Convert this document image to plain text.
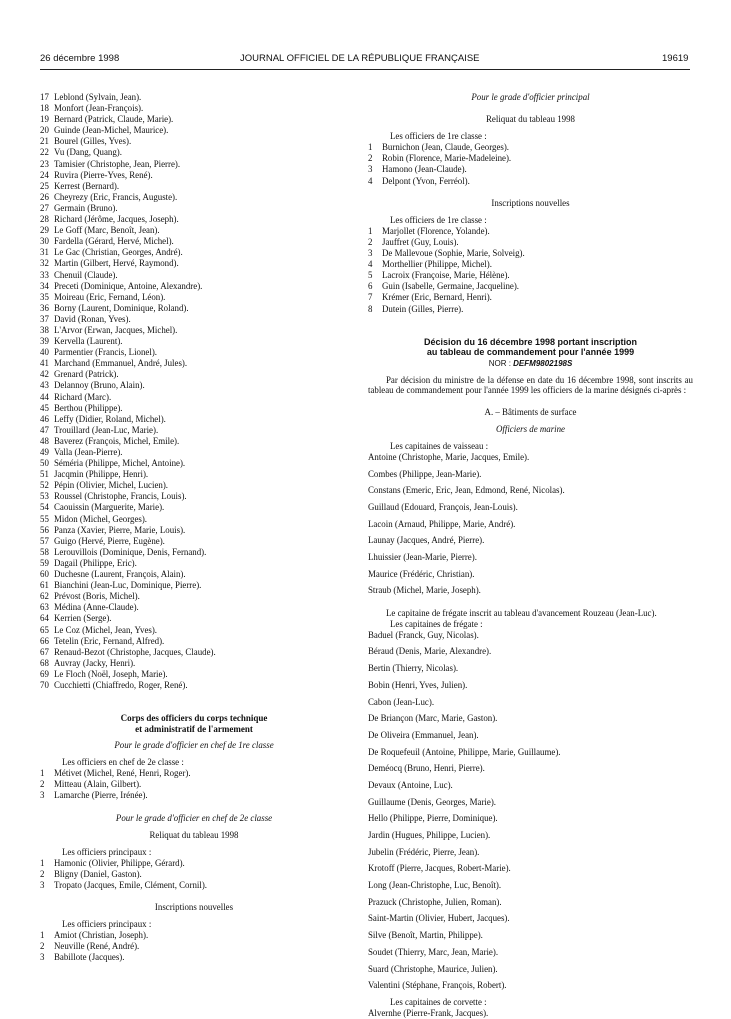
26 décembre 1998	JOURNAL OFFICIEL DE LA RÉPUBLIQUE FRANÇAISE	19619
17 Leblond (Sylvain, Jean).
18 Monfort (Jean-François).
19 Bernard (Patrick, Claude, Marie).
20 Guinde (Jean-Michel, Maurice).
21 Bourel (Gilles, Yves).
22 Vu (Dang, Quang).
23 Tamisier (Christophe, Jean, Pierre).
24 Ruvira (Pierre-Yves, René).
25 Kerrest (Bernard).
26 Cheyrezy (Eric, Francis, Auguste).
27 Germain (Bruno).
28 Richard (Jérôme, Jacques, Joseph).
29 Le Goff (Marc, Benoît, Jean).
30 Fardella (Gérard, Hervé, Michel).
31 Le Gac (Christian, Georges, André).
32 Martin (Gilbert, Hervé, Raymond).
33 Chenuil (Claude).
34 Preceti (Dominique, Antoine, Alexandre).
35 Moireau (Eric, Fernand, Léon).
36 Borny (Laurent, Dominique, Roland).
37 David (Ronan, Yves).
38 L'Arvor (Erwan, Jacques, Michel).
39 Kervella (Laurent).
40 Parmentier (Francis, Lionel).
41 Marchand (Emmanuel, André, Jules).
42 Grenard (Patrick).
43 Delannoy (Bruno, Alain).
44 Richard (Marc).
45 Berthou (Philippe).
46 Leffy (Didier, Roland, Michel).
47 Trouillard (Jean-Luc, Marie).
48 Baverez (François, Michel, Emile).
49 Valla (Jean-Pierre).
50 Séméria (Philippe, Michel, Antoine).
51 Jacqmin (Philippe, Henri).
52 Pépin (Olivier, Michel, Lucien).
53 Roussel (Christophe, Francis, Louis).
54 Caouissin (Marguerite, Marie).
55 Midon (Michel, Georges).
56 Panza (Xavier, Pierre, Marie, Louis).
57 Guigo (Hervé, Pierre, Eugène).
58 Lerouvillois (Dominique, Denis, Fernand).
59 Dagail (Philippe, Eric).
60 Duchesne (Laurent, François, Alain).
61 Bianchini (Jean-Luc, Dominique, Pierre).
62 Prévost (Boris, Michel).
63 Médina (Anne-Claude).
64 Kerrien (Serge).
65 Le Coz (Michel, Jean, Yves).
66 Tetelin (Eric, Fernand, Alfred).
67 Renaud-Bezot (Christophe, Jacques, Claude).
68 Auvray (Jacky, Henri).
69 Le Floch (Noël, Joseph, Marie).
70 Cucchietti (Chiaffredo, Roger, René).
Corps des officiers du corps technique
et administratif de l'armement
Pour le grade d'officier en chef de 1re classe
Les officiers en chef de 2e classe :
1 Métivet (Michel, René, Henri, Roger).
2 Mitteau (Alain, Gilbert).
3 Lamarche (Pierre, Irénée).
Pour le grade d'officier en chef de 2e classe
Reliquat du tableau 1998
Les officiers principaux :
1 Hamonic (Olivier, Philippe, Gérard).
2 Bligny (Daniel, Gaston).
3 Tropato (Jacques, Emile, Clément, Cornil).
Inscriptions nouvelles
Les officiers principaux :
1 Amiot (Christian, Joseph).
2 Neuville (René, André).
3 Babillote (Jacques).
Pour le grade d'officier principal
Reliquat du tableau 1998
Les officiers de 1re classe :
1 Burnichon (Jean, Claude, Georges).
2 Robin (Florence, Marie-Madeleine).
3 Hamono (Jean-Claude).
4 Delpont (Yvon, Ferréol).
Inscriptions nouvelles
Les officiers de 1re classe :
1 Marjollet (Florence, Yolande).
2 Jauffret (Guy, Louis).
3 De Mallevoue (Sophie, Marie, Solveig).
4 Morthellier (Philippe, Michel).
5 Lacroix (Françoise, Marie, Hélène).
6 Guin (Isabelle, Germaine, Jacqueline).
7 Krémer (Eric, Bernard, Henri).
8 Dutein (Gilles, Pierre).
Décision du 16 décembre 1998 portant inscription
au tableau de commandement pour l'année 1999
NOR : DEFM9802198S
Par décision du ministre de la défense en date du 16 décembre 1998, sont inscrits au tableau de commandement pour l'année 1999 les officiers de la marine désignés ci-après :
A. – Bâtiments de surface
Officiers de marine
Les capitaines de vaisseau :
Antoine (Christophe, Marie, Jacques, Emile).
Combes (Philippe, Jean-Marie).
Constans (Emeric, Eric, Jean, Edmond, René, Nicolas).
Guillaud (Edouard, François, Jean-Louis).
Lacoin (Arnaud, Philippe, Marie, André).
Launay (Jacques, André, Pierre).
Lhuissier (Jean-Marie, Pierre).
Maurice (Frédéric, Christian).
Straub (Michel, Marie, Joseph).
Le capitaine de frégate inscrit au tableau d'avancement Rouzeau (Jean-Luc).
Les capitaines de frégate :
Baduel (Franck, Guy, Nicolas).
Béraud (Denis, Marie, Alexandre).
Bertin (Thierry, Nicolas).
Bobin (Henri, Yves, Julien).
Cabon (Jean-Luc).
De Briançon (Marc, Marie, Gaston).
De Oliveira (Emmanuel, Jean).
De Roquefeuil (Antoine, Philippe, Marie, Guillaume).
Deméocq (Bruno, Henri, Pierre).
Devaux (Antoine, Luc).
Guillaume (Denis, Georges, Marie).
Hello (Philippe, Pierre, Dominique).
Jardin (Hugues, Philippe, Lucien).
Jubelin (Frédéric, Pierre, Jean).
Krotoff (Pierre, Jacques, Robert-Marie).
Long (Jean-Christophe, Luc, Benoît).
Prazuck (Christophe, Julien, Roman).
Saint-Martin (Olivier, Hubert, Jacques).
Silve (Benoît, Martin, Philippe).
Soudet (Thierry, Marc, Jean, Marie).
Suard (Christophe, Maurice, Julien).
Valentini (Stéphane, François, Robert).
Les capitaines de corvette :
Alvernhe (Pierre-Frank, Jacques).
